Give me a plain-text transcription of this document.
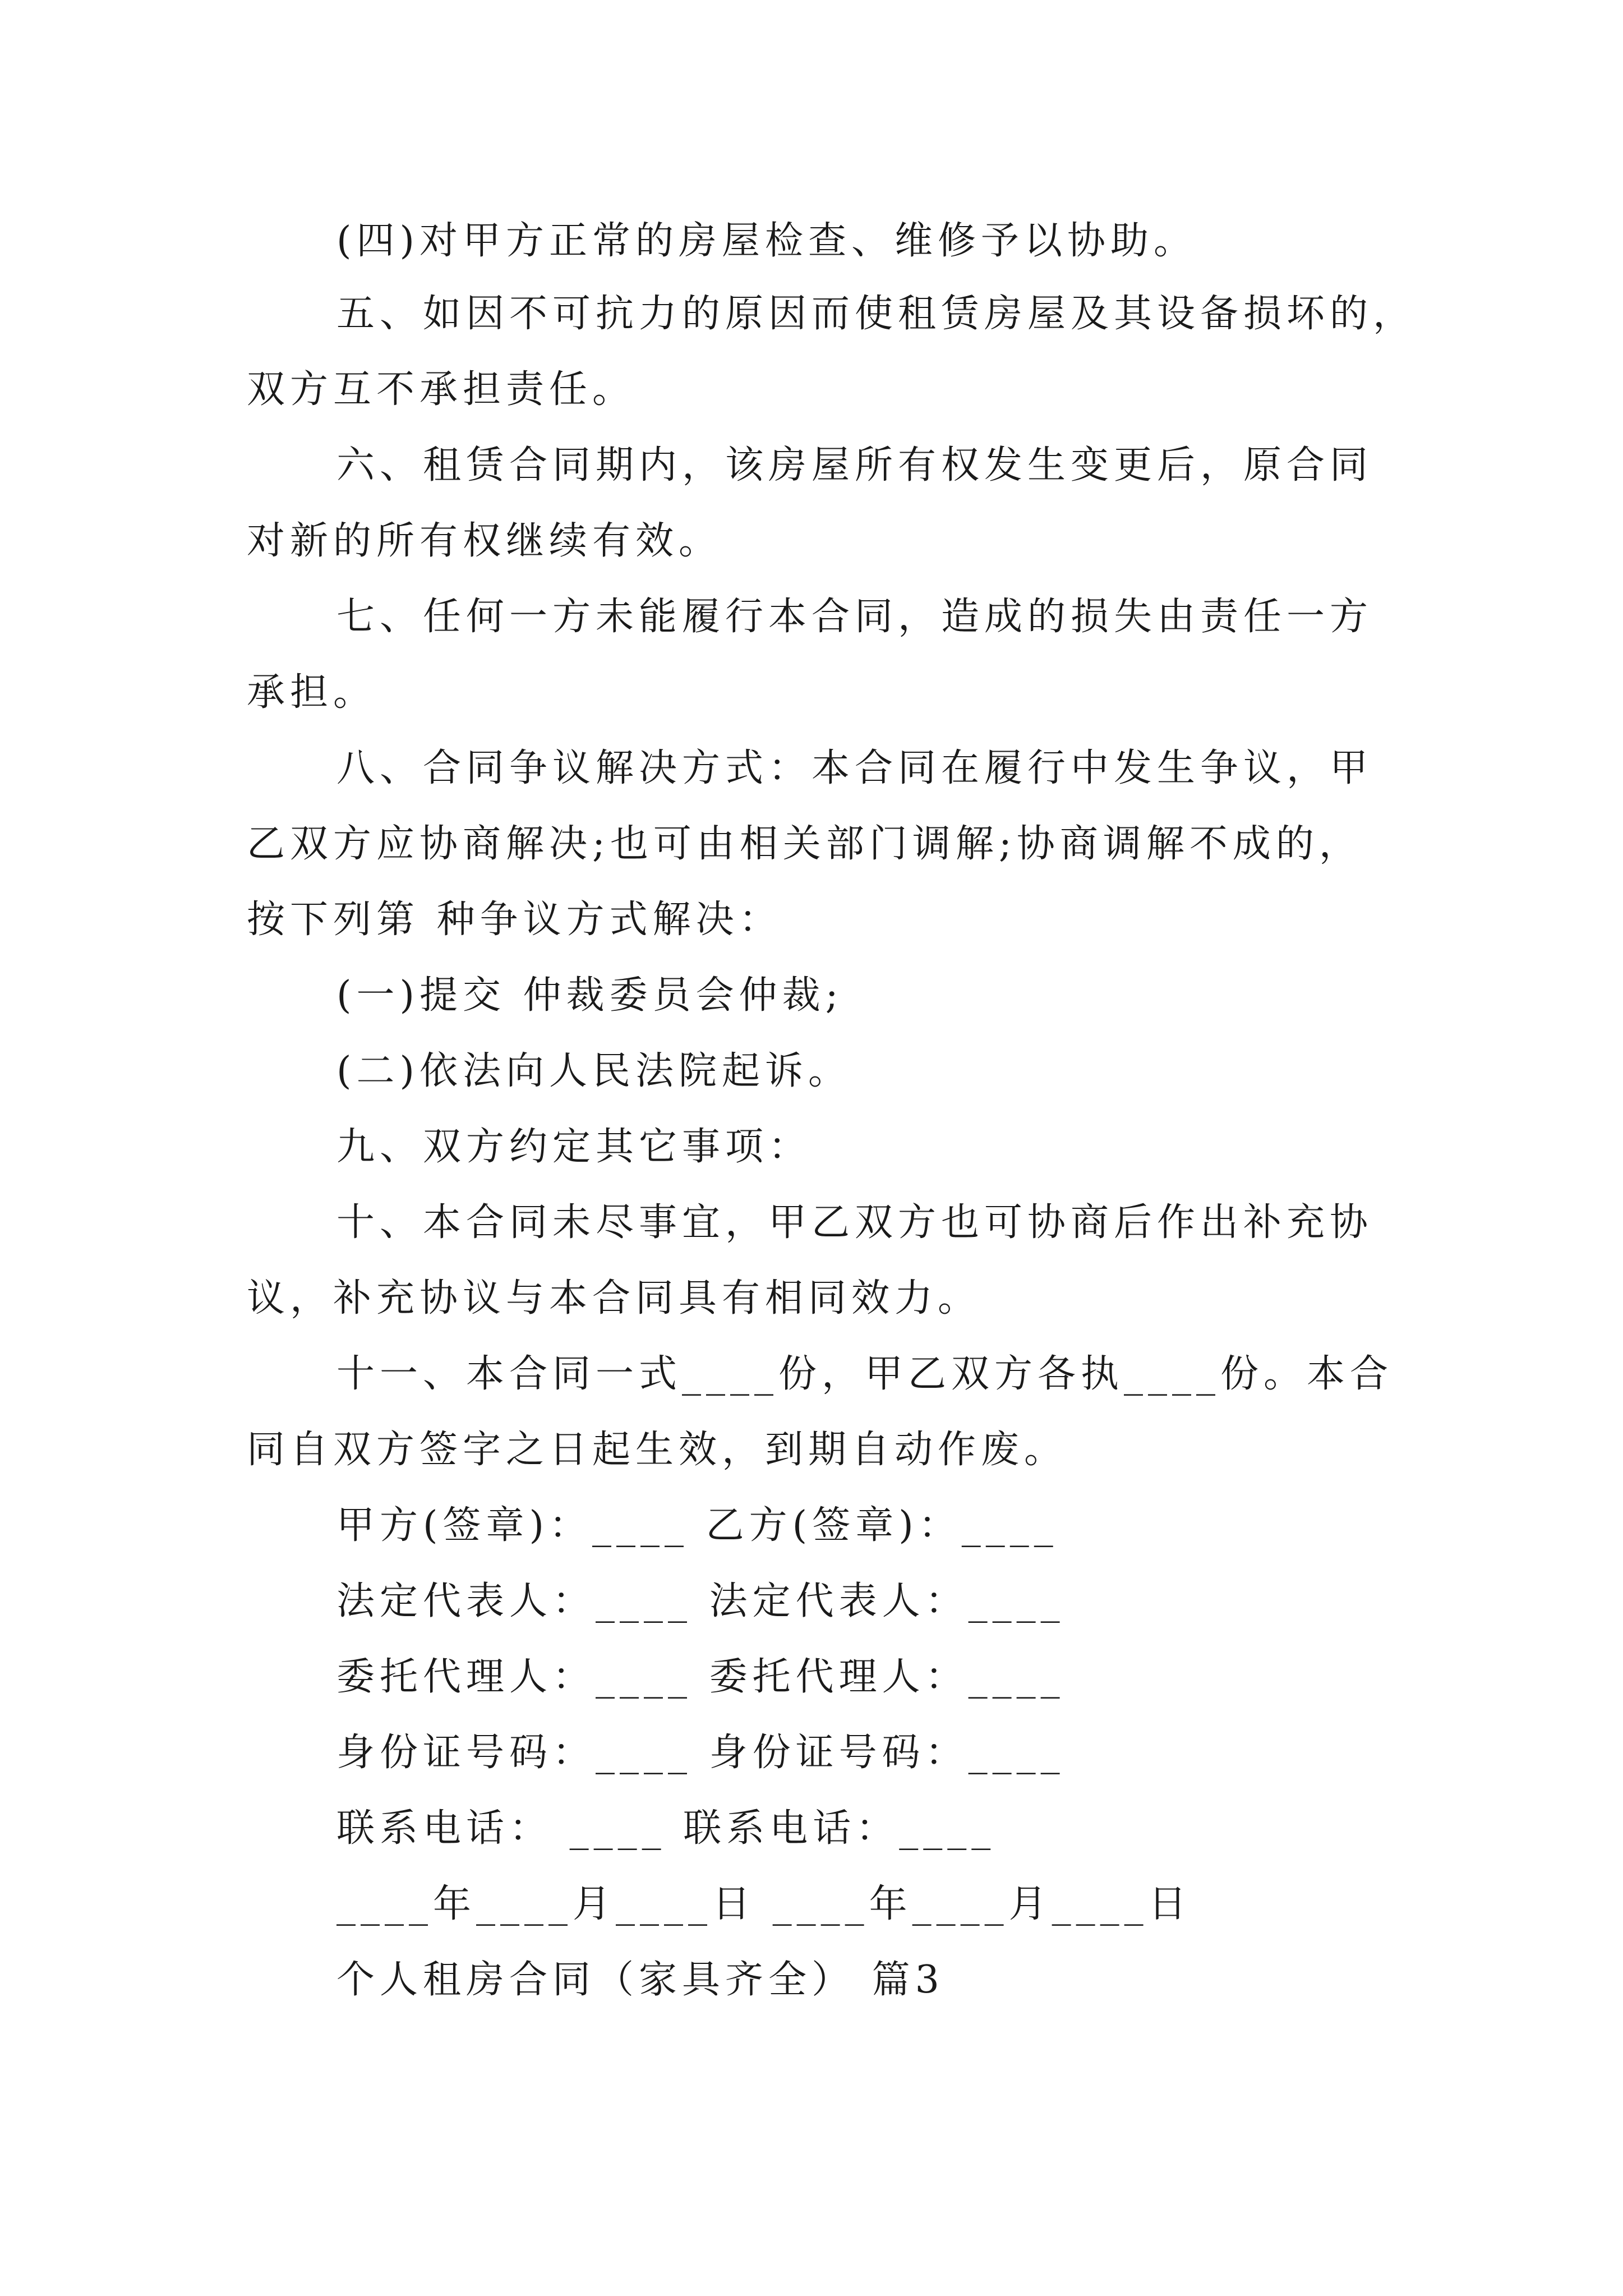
(四)对甲方正常的房屋检查、维修予以协助。
五、如因不可抗力的原因而使租赁房屋及其设备损坏的，
双方互不承担责任。
六、租赁合同期内，该房屋所有权发生变更后，原合同
对新的所有权继续有效。
七、任何一方未能履行本合同，造成的损失由责任一方
承担。
八、合同争议解决方式：本合同在履行中发生争议，甲
乙双方应协商解决;也可由相关部门调解;协商调解不成的，
按下列第 种争议方式解决：
(一)提交 仲裁委员会仲裁;
(二)依法向人民法院起诉。
九、双方约定其它事项：
十、本合同未尽事宜，甲乙双方也可协商后作出补充协
议，补充协议与本合同具有相同效力。
十一、本合同一式____份，甲乙双方各执____份。本合
同自双方签字之日起生效，到期自动作废。
甲方(签章)：____ 乙方(签章)：____
法定代表人：____ 法定代表人：____
委托代理人：____ 委托代理人：____
身份证号码：____ 身份证号码：____
联系电话： ____ 联系电话：____
____年____月____日 ____年____月____日
个人租房合同（家具齐全） 篇3
